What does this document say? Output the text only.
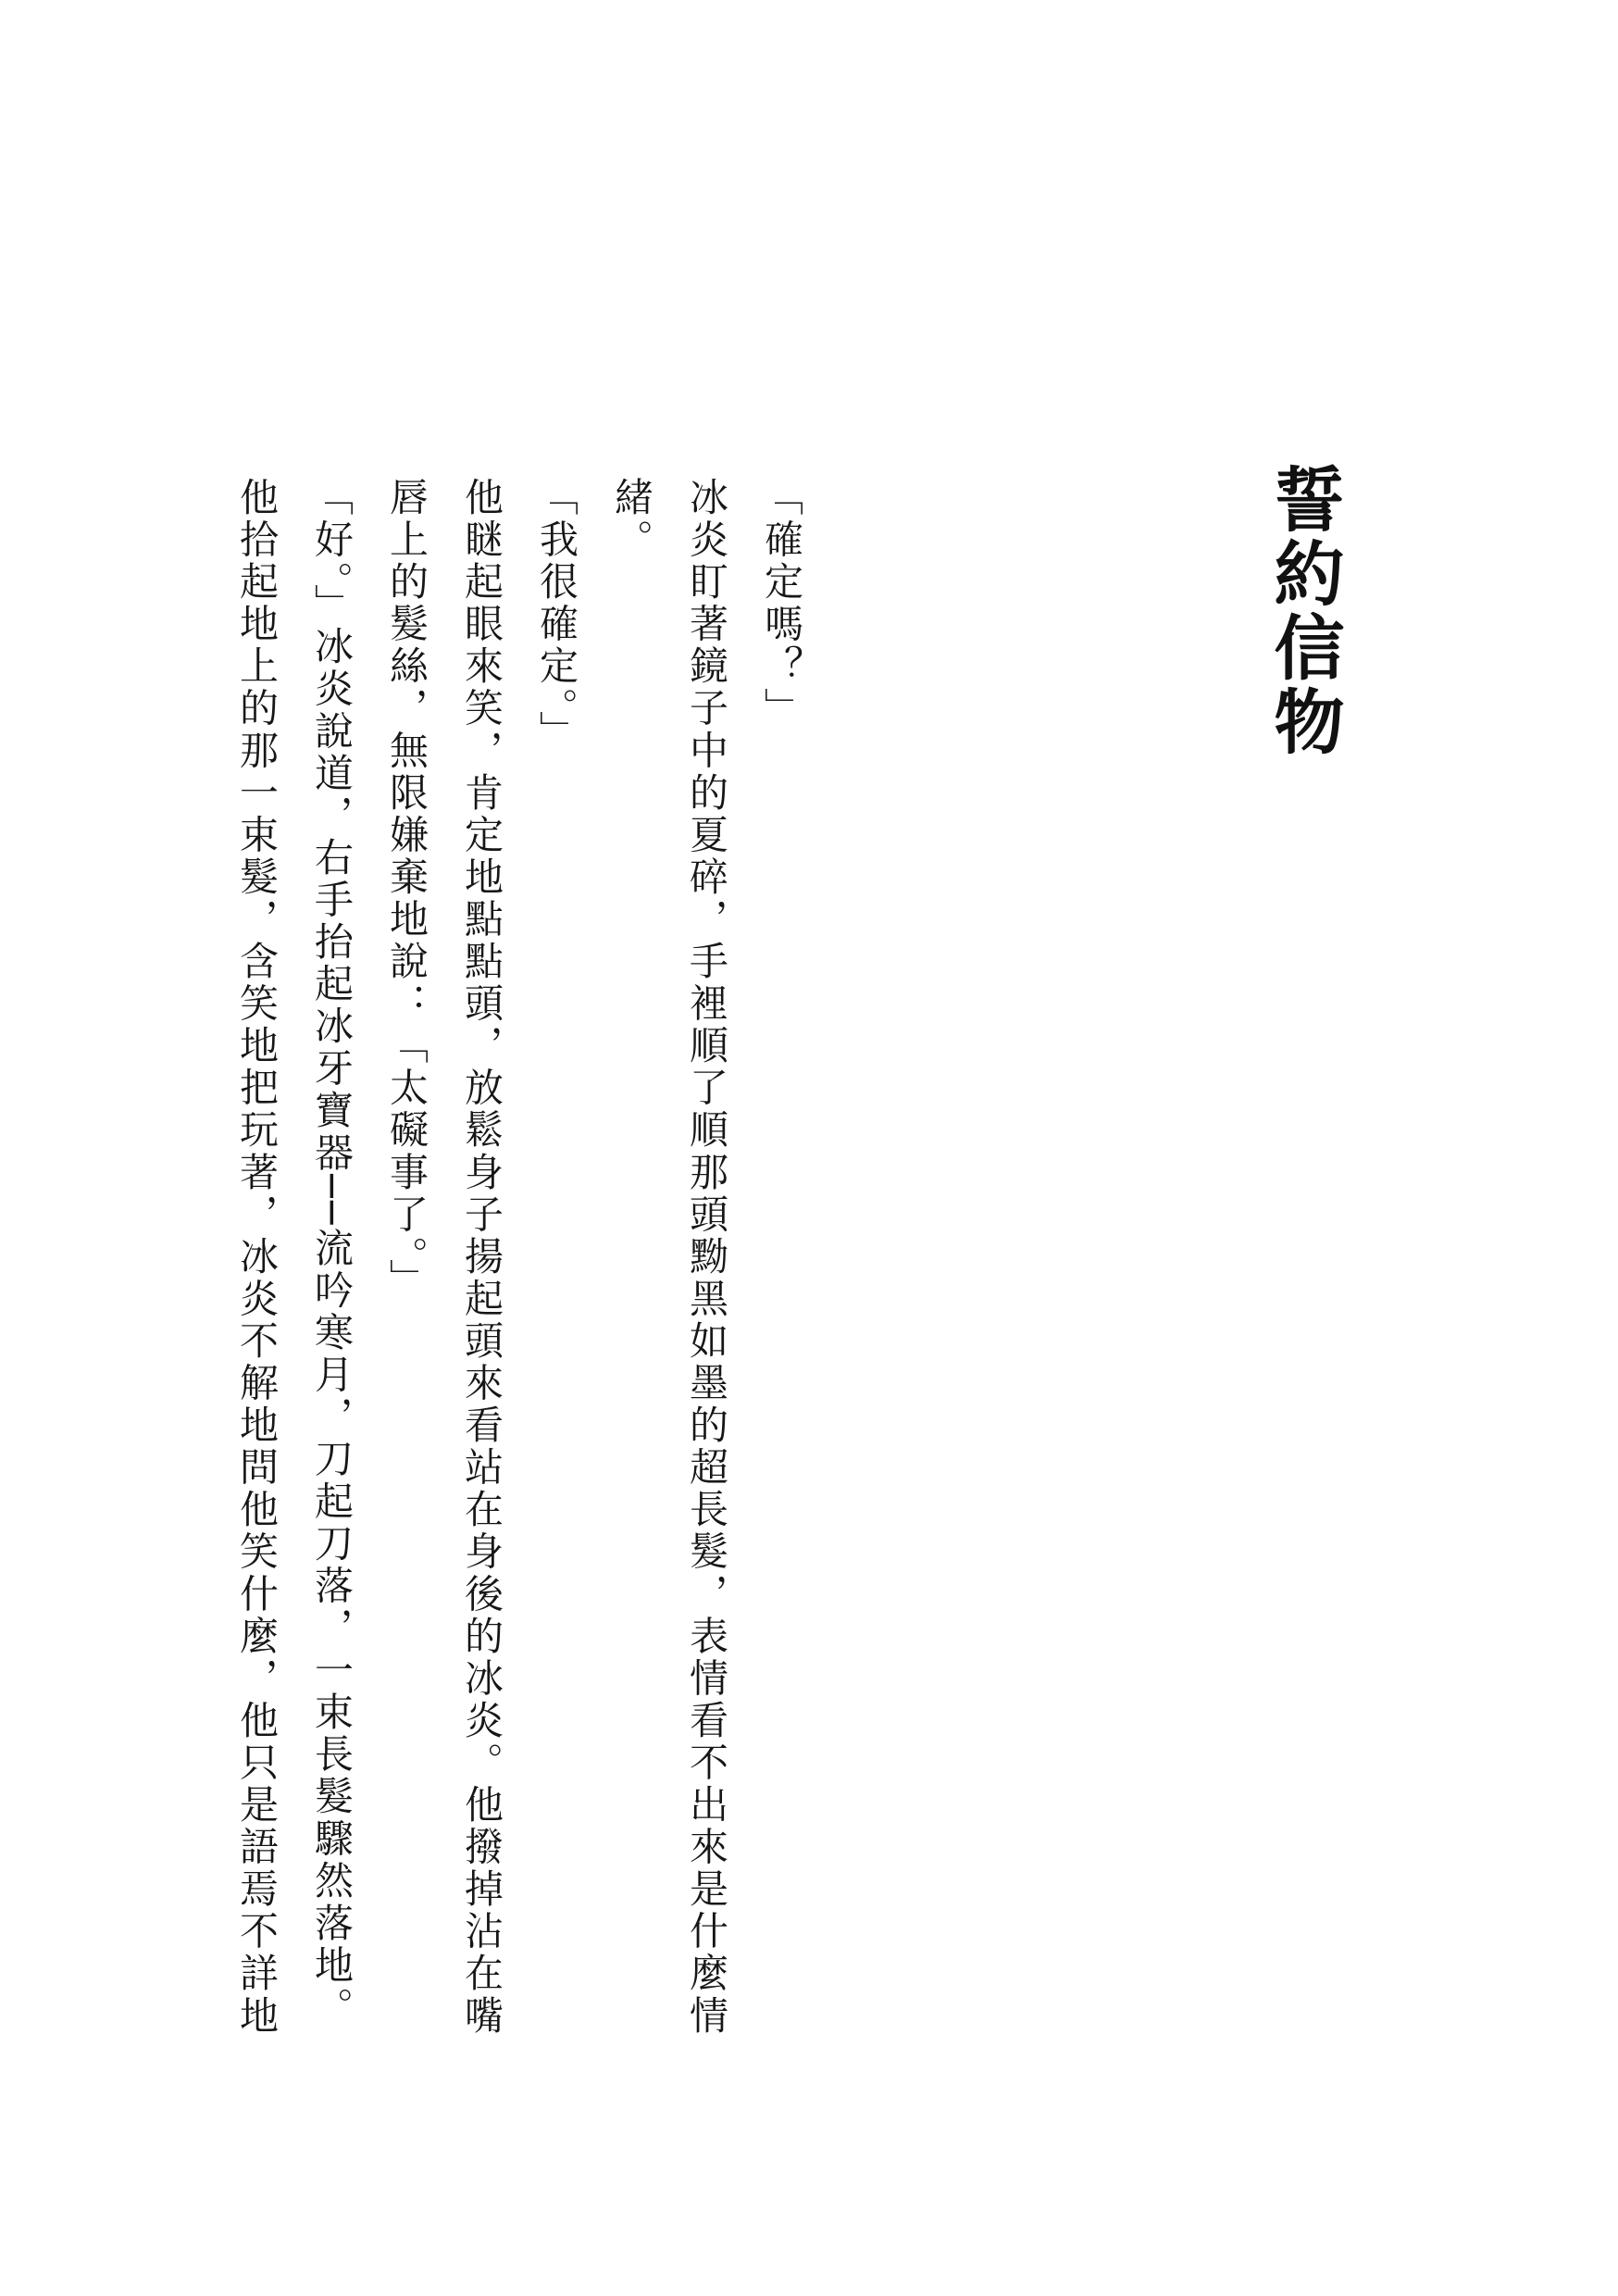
誓約信物

「確定嗎？」

冰炎盯著鏡子中的夏碎，手裡順了順那頭黝黑如墨的超長髮，表情看不出來是什麼情緒。

「我很確定。」

他瞇起眼來笑，肯定地點點頭，放鬆身子揚起頭來看站在身後的冰炎。他撥掉沾在嘴唇上的髮絲，無限嫌棄地說：「太礙事了。」

「好。」冰炎說道，右手抬起冰牙寶器──流吟寒月，刀起刀落，一束長髮驟然落地。

他拾起地上的那一束髮，含笑地把玩著，冰炎不解地問他笑什麼，他只是語焉不詳地
